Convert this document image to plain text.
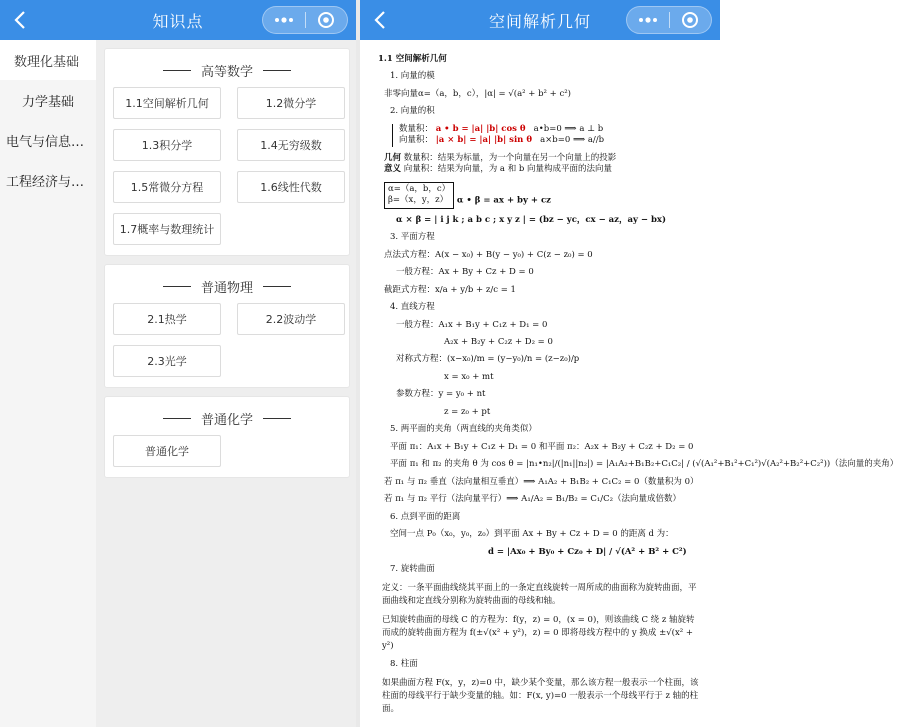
知识点
数理化基础
力学基础
电气与信息…
工程经济与…
高等数学
1.1空间解析几何	1.2微分学
1.3积分学	1.4无穷级数
1.5常微分方程	1.6线性代数
1.7概率与数理统计
普通物理
2.1热学	2.2波动学
2.3光学
普通化学
普通化学
空间解析几何
1.1 空间解析几何
1. 向量的模
非零向量α=（a，b，c），|α| = √(a² + b² + c²)
2. 向量的积
数量积： a • b = |a| |b| cos θ a•b=0 ⟹ a ⊥ b
向量积： |a × b| = |a| |b| sin θ a×b=0 ⟹ a//b
几何 数量积：结果为标量，为一个向量在另一个向量上的投影
意义 向量积：结果为向量，为 a 和 b 向量构成平面的法向量
α=（a，b，c）
β=（x，y，z） α • β = ax + by + cz
α × β = | i j k ; a b c ; x y z | = (bz − yc，cx − az，ay − bx)
3. 平面方程
点法式方程：A(x − x₀) + B(y − y₀) + C(z − z₀) = 0
一般方程：Ax + By + Cz + D = 0
截距式方程：x/a + y/b + z/c = 1
4. 直线方程
一般方程：A₁x + B₁y + C₁z + D₁ = 0
A₂x + B₂y + C₂z + D₂ = 0
对称式方程：(x−x₀)/m = (y−y₀)/n = (z−z₀)/p
x = x₀ + mt
参数方程：y = y₀ + nt
z = z₀ + pt
5. 两平面的夹角（两直线的夹角类似）
平面 π₁：A₁x + B₁y + C₁z + D₁ = 0 和平面 π₂：A₂x + B₂y + C₂z + D₂ = 0
平面 π₁ 和 π₂ 的夹角 θ 为 cos θ = |n₁•n₂|/(|n₁||n₂|) = |A₁A₂+B₁B₂+C₁C₂| / (√(A₁²+B₁²+C₁²)√(A₂²+B₂²+C₂²))（法向量的夹角）
若 π₁ 与 π₂ 垂直（法向量相互垂直）⟹ A₁A₂ + B₁B₂ + C₁C₂ = 0（数量积为 0）
若 π₁ 与 π₂ 平行（法向量平行）⟹ A₁/A₂ = B₁/B₂ = C₁/C₂（法向量成倍数）
6. 点到平面的距离
空间一点 P₀（x₀，y₀，z₀）到平面 Ax + By + Cz + D = 0 的距离 d 为：
d = |Ax₀ + By₀ + Cz₀ + D| / √(A² + B² + C²)
7. 旋转曲面
定义：一条平面曲线绕其平面上的一条定直线旋转一周所成的曲面称为旋转曲面，平面曲线和定直线分别称为旋转曲面的母线和轴。
已知旋转曲面的母线 C 的方程为：f(y，z) = 0，(x = 0)，则该曲线 C 绕 z 轴旋转而成的旋转曲面方程为 f(±√(x² + y²)，z) = 0 即将母线方程中的 y 换成 ±√(x² + y²)
8. 柱面
如果曲面方程 F(x，y，z)=0 中，缺少某个变量，那么该方程一般表示一个柱面，该柱面的母线平行于缺少变量的轴。如：F(x, y)=0 一般表示一个母线平行于 z 轴的柱面。
